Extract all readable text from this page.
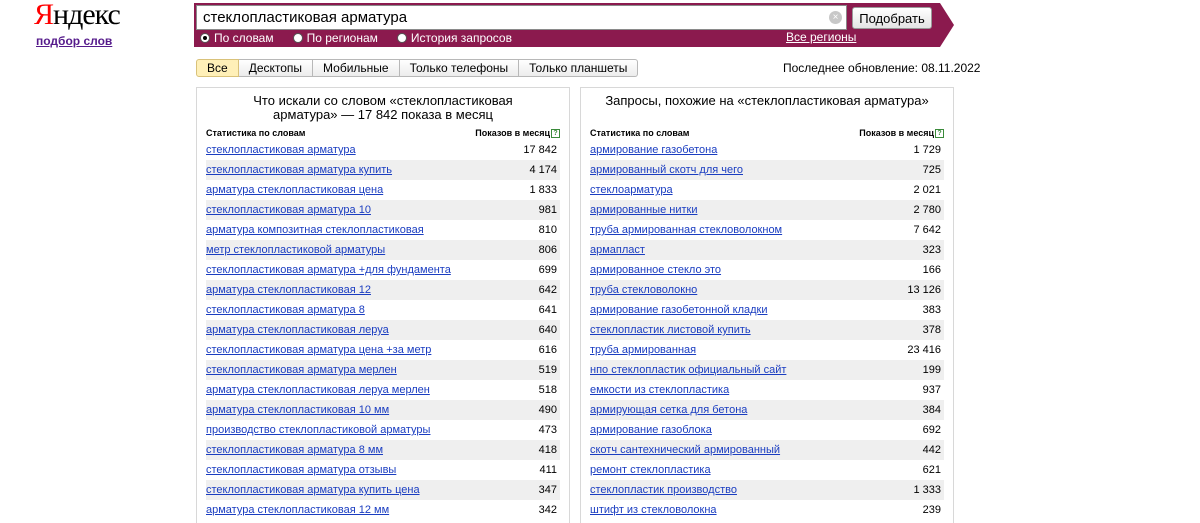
Яндекс
подбор слов
стеклопластиковая арматура
×	Подобрать
По словам	По регионам	История запросов	Все регионы
Все	Десктопы	Мобильные	Только телефоны	Только планшеты	Последнее обновление: 08.11.2022
Что искали со словом «стеклопластиковая арматура» — 17 842 показа в месяц
Статистика по словам	Показов в месяц ?
стеклопластиковая арматура	17 842
стеклопластиковая арматура купить	4 174
арматура стеклопластиковая цена	1 833
стеклопластиковая арматура 10	981
арматура композитная стеклопластиковая	810
метр стеклопластиковой арматуры	806
стеклопластиковая арматура +для фундамента	699
арматура стеклопластиковая 12	642
стеклопластиковая арматура 8	641
арматура стеклопластиковая леруа	640
стеклопластиковая арматура цена +за метр	616
стеклопластиковая арматура мерлен	519
арматура стеклопластиковая леруа мерлен	518
арматура стеклопластиковая 10 мм	490
производство стеклопластиковой арматуры	473
стеклопластиковая арматура 8 мм	418
стеклопластиковая арматура отзывы	411
стеклопластиковая арматура купить цена	347
арматура стеклопластиковая 12 мм	342
Запросы, похожие на «стеклопластиковая арматура»
Статистика по словам	Показов в месяц ?
армирование газобетона	1 729
армированный скотч для чего	725
стеклоарматура	2 021
армированные нитки	2 780
труба армированная стекловолокном	7 642
армапласт	323
армированное стекло это	166
труба стекловолокно	13 126
армирование газобетонной кладки	383
стеклопластик листовой купить	378
труба армированная	23 416
нпо стеклопластик официальный сайт	199
емкости из стеклопластика	937
армирующая сетка для бетона	384
армирование газоблока	692
скотч сантехнический армированный	442
ремонт стеклопластика	621
стеклопластик производство	1 333
штифт из стекловолокна	239
